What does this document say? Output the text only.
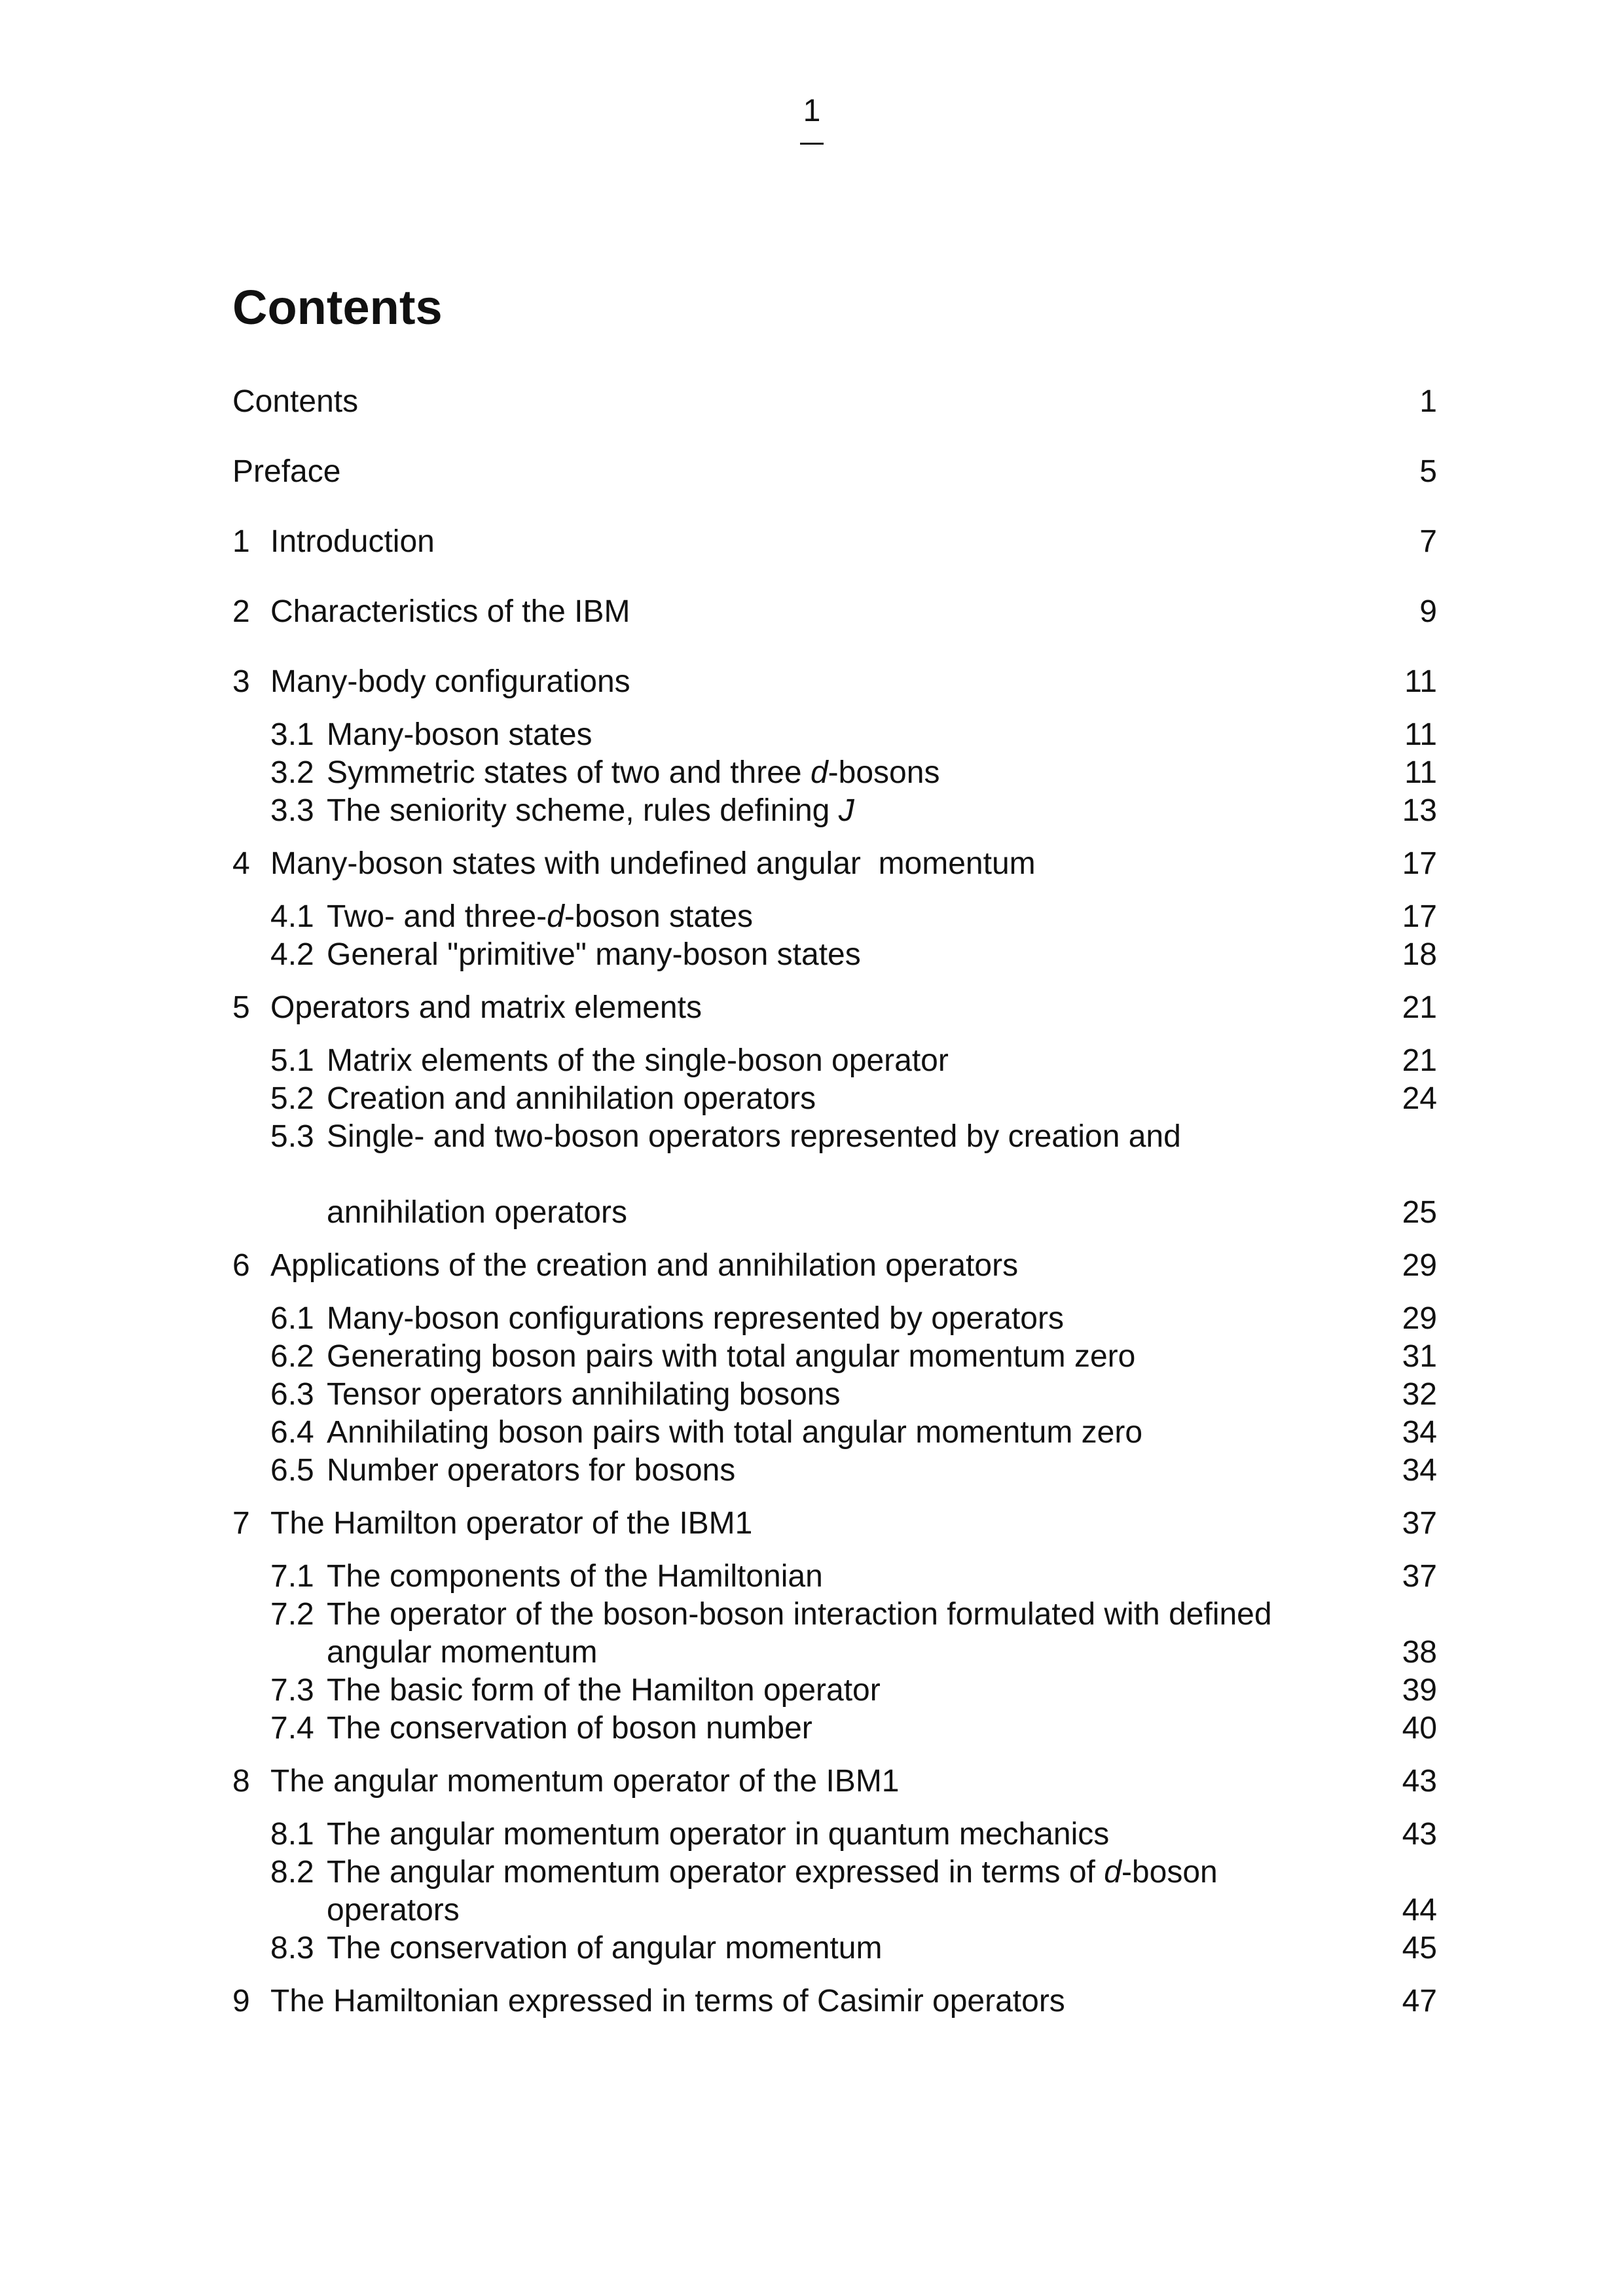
1
Contents
Contents	1
Preface	5
1 Introduction	7
2 Characteristics of the IBM	9
3 Many-body configurations	11
3.1 Many-boson states	11
3.2 Symmetric states of two and three d-bosons	11
3.3 The seniority scheme, rules defining J	13
4 Many-boson states with undefined angular  momentum	17
4.1 Two- and three-d-boson states	17
4.2 General "primitive" many-boson states	18
5 Operators and matrix elements	21
5.1 Matrix elements of the single-boson operator	21
5.2 Creation and annihilation operators	24
5.3 Single- and two-boson operators represented by creation and
annihilation operators	25
6 Applications of the creation and annihilation operators	29
6.1 Many-boson configurations represented by operators	29
6.2 Generating boson pairs with total angular momentum zero	31
6.3 Tensor operators annihilating bosons	32
6.4 Annihilating boson pairs with total angular momentum zero	34
6.5 Number operators for bosons	34
7 The Hamilton operator of the IBM1	37
7.1 The components of the Hamiltonian	37
7.2 The operator of the boson-boson interaction formulated with defined
angular momentum	38
7.3 The basic form of the Hamilton operator	39
7.4 The conservation of boson number	40
8 The angular momentum operator of the IBM1	43
8.1 The angular momentum operator in quantum mechanics	43
8.2 The angular momentum operator expressed in terms of d-boson
operators	44
8.3 The conservation of angular momentum	45
9 The Hamiltonian expressed in terms of Casimir operators	47
